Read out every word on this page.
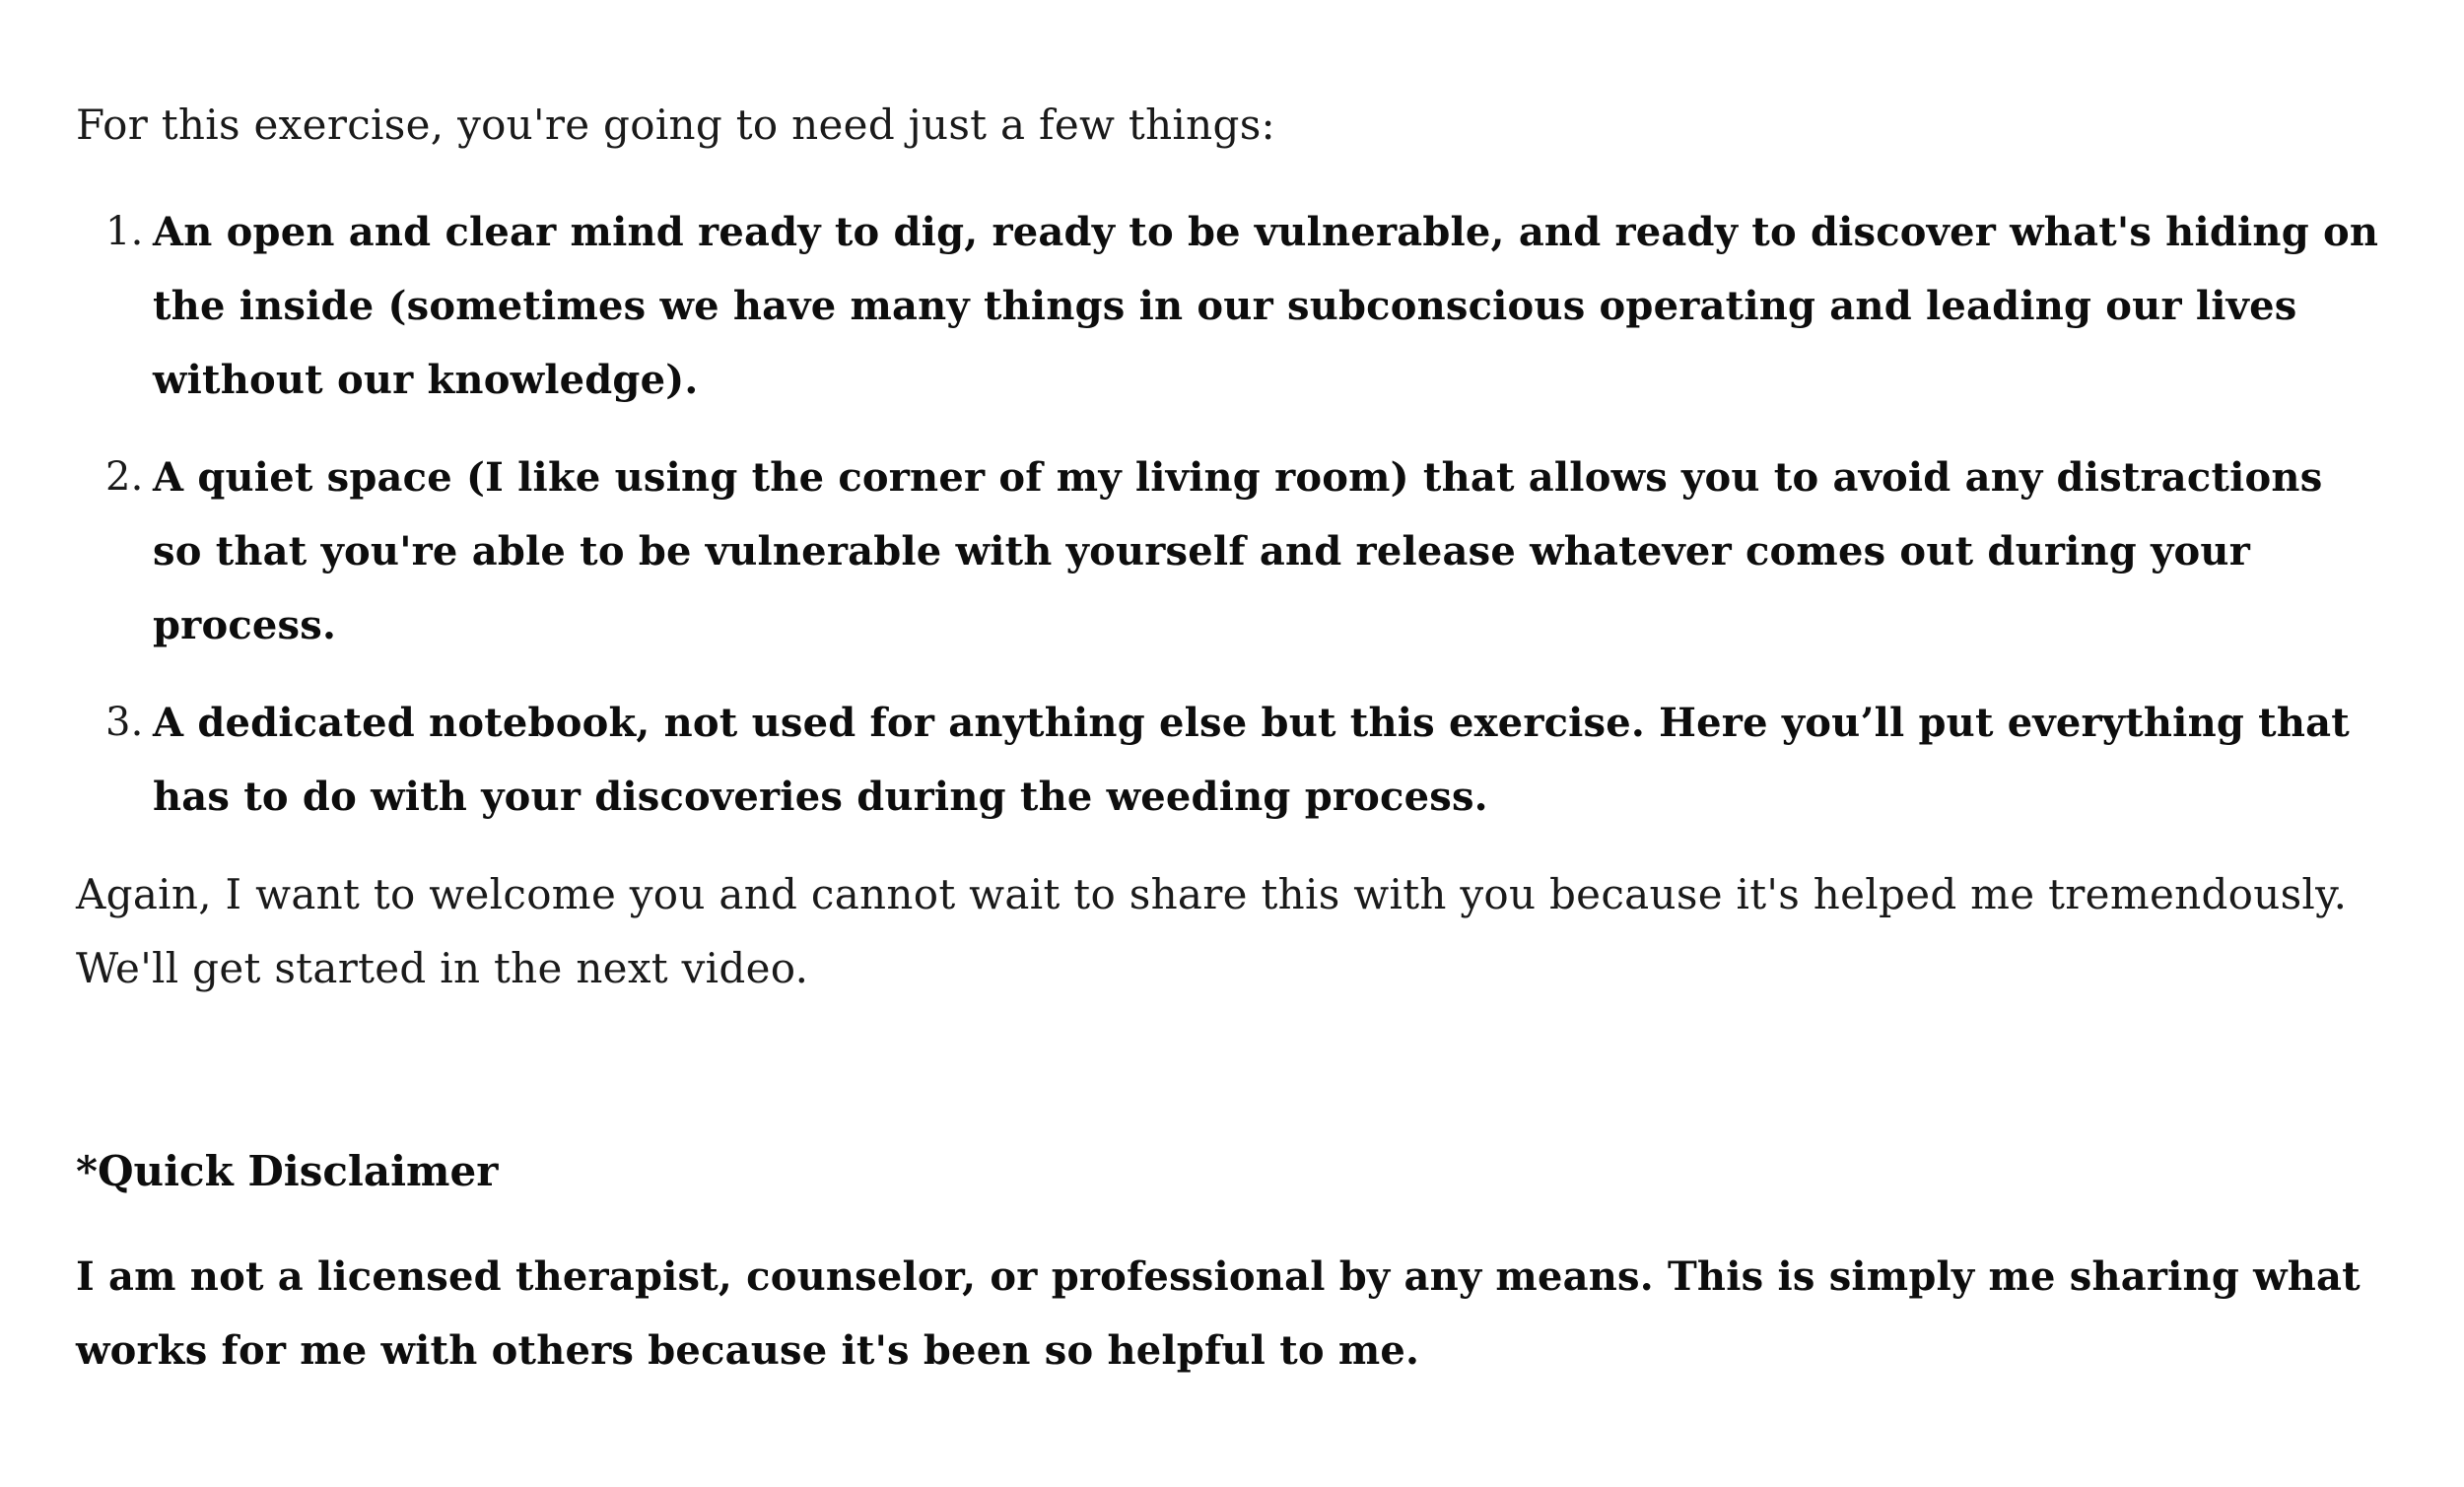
For this exercise, you're going to need just a few things:

1. An open and clear mind ready to dig, ready to be vulnerable, and ready to discover what's hiding on the inside (sometimes we have many things in our subconscious operating and leading our lives without our knowledge).
2. A quiet space (I like using the corner of my living room) that allows you to avoid any distractions so that you're able to be vulnerable with yourself and release whatever comes out during your process.
3. A dedicated notebook, not used for anything else but this exercise. Here you’ll put everything that has to do with your discoveries during the weeding process.

Again, I want to welcome you and cannot wait to share this with you because it's helped me tremendously. We'll get started in the next video.

*Quick Disclaimer

I am not a licensed therapist, counselor, or professional by any means. This is simply me sharing what works for me with others because it's been so helpful to me.
